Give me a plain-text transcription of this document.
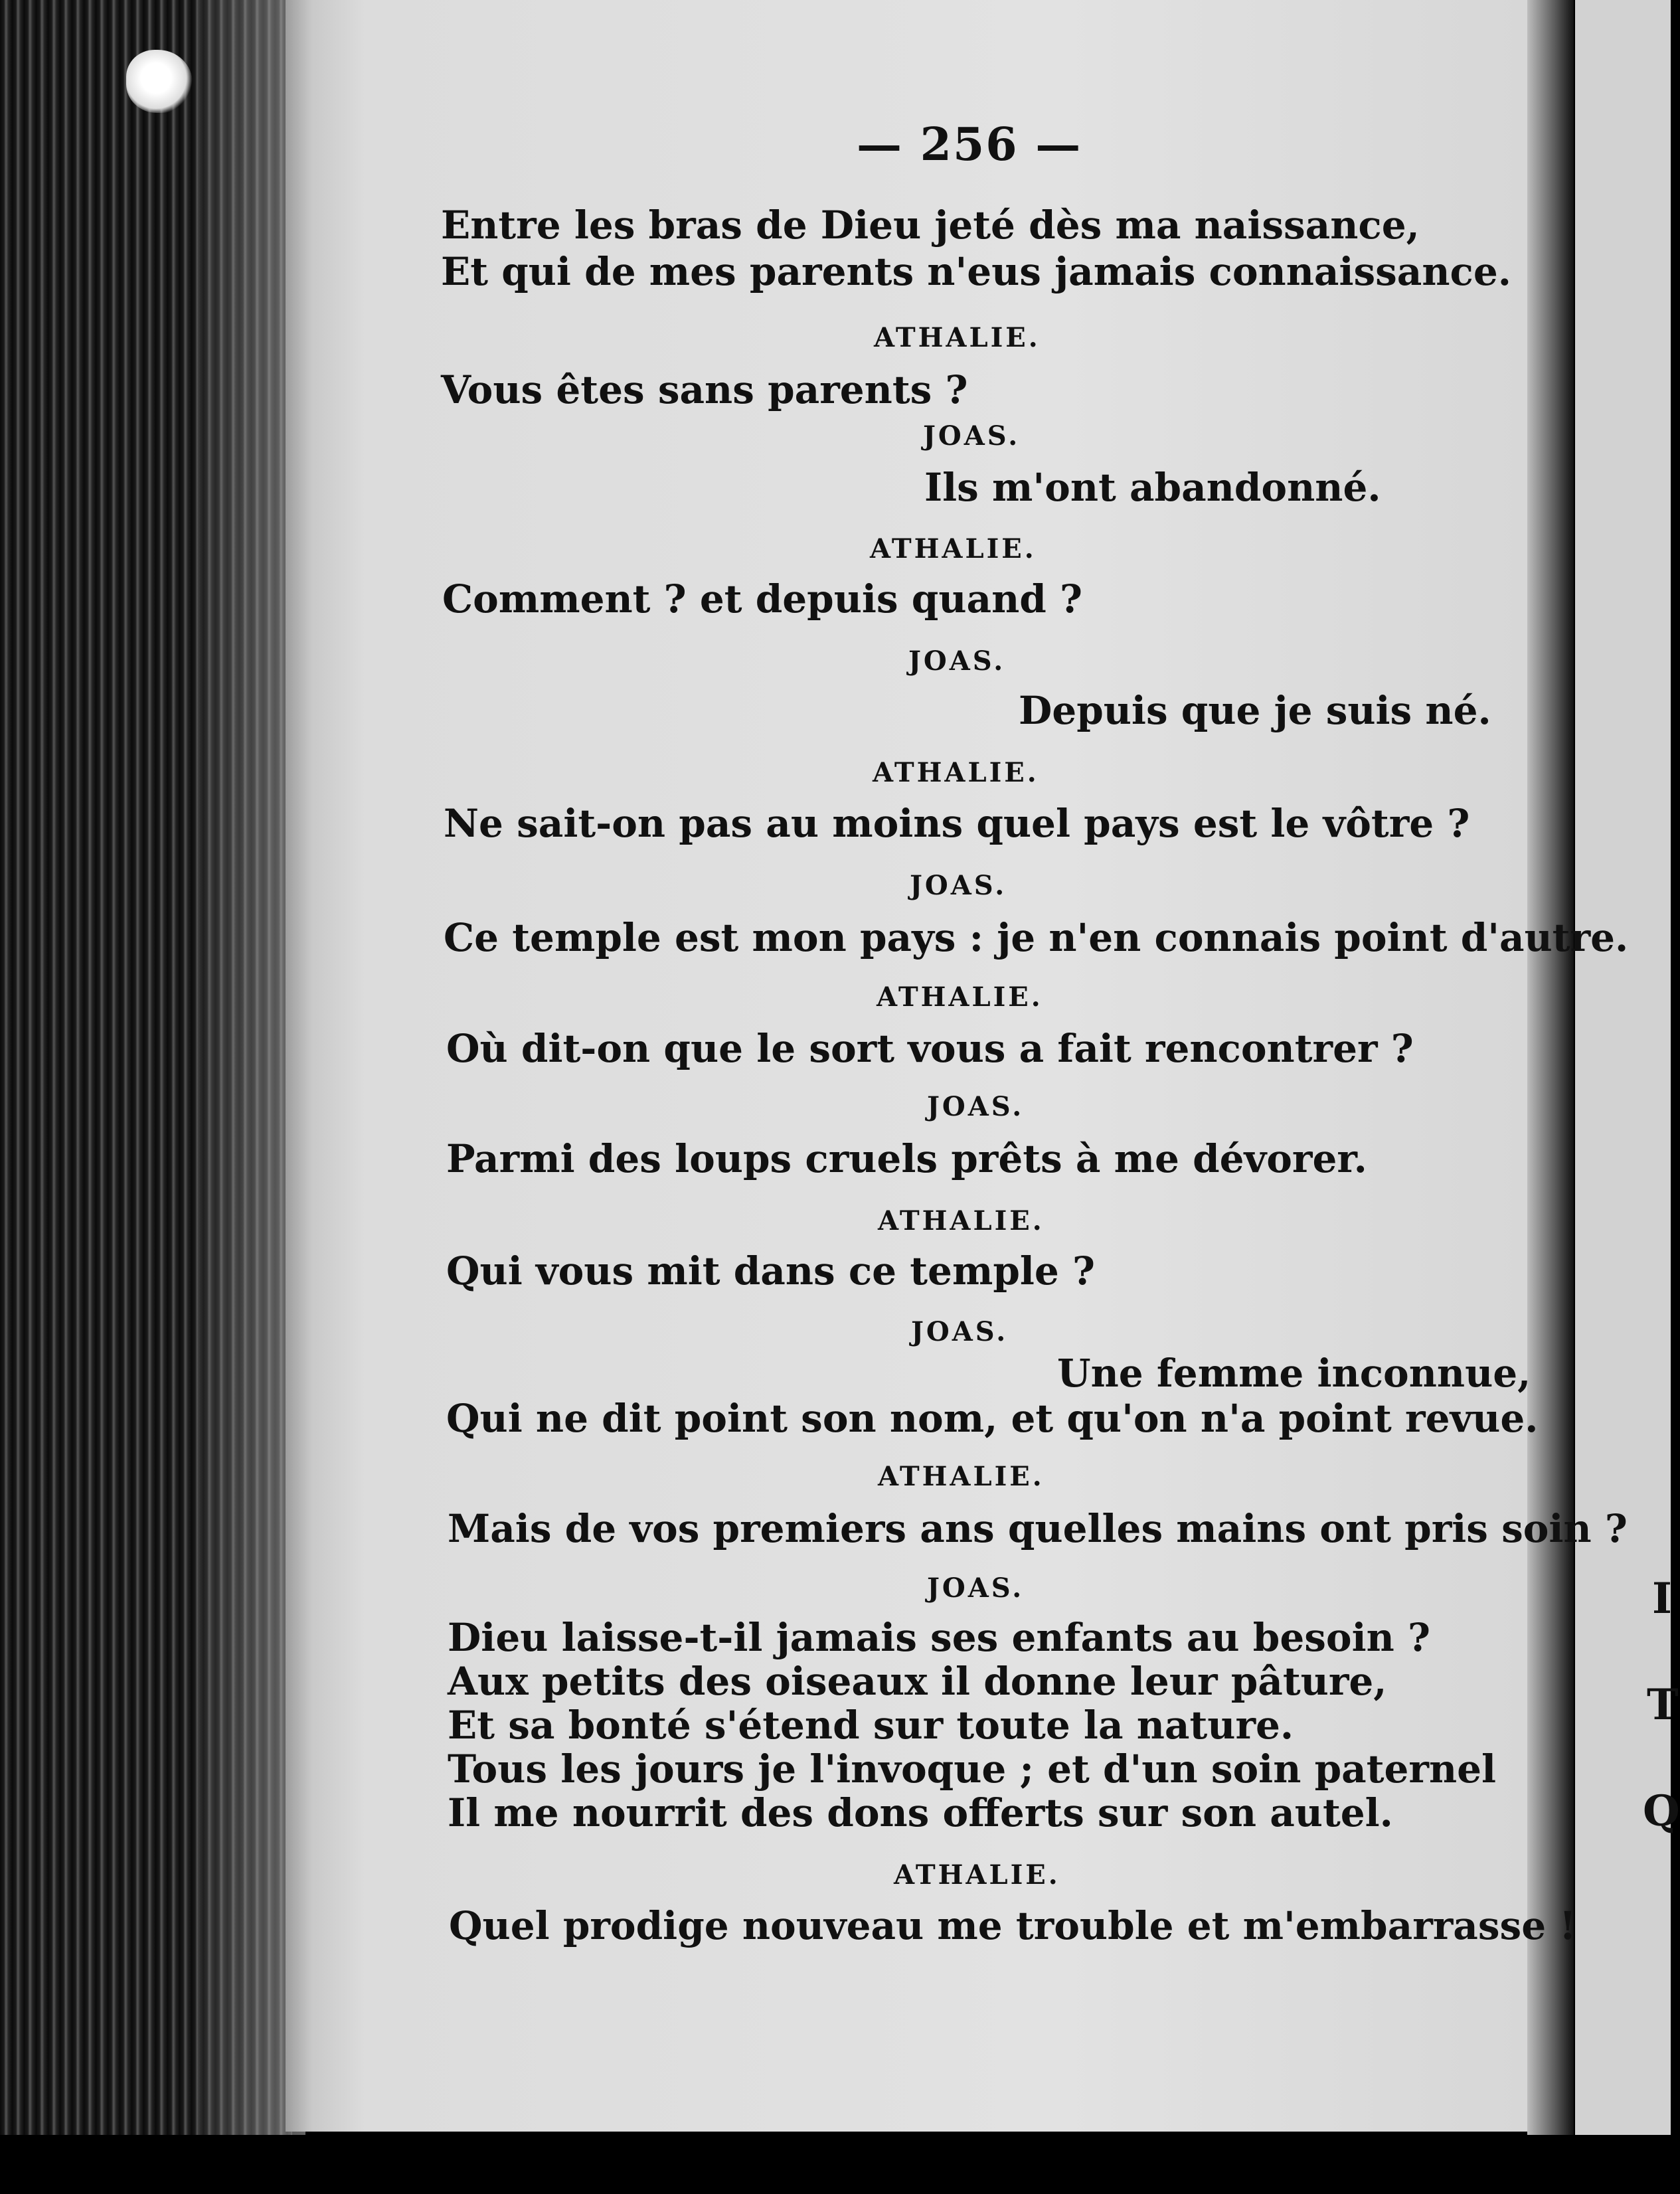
— 256 —

Entre les bras de Dieu jeté dès ma naissance,

Et qui de mes parents n'eus jamais connaissance.

ATHALIE.

Vous êtes sans parents ?

JOAS.

Ils m'ont abandonné.

ATHALIE.

Comment ? et depuis quand ?

JOAS.

Depuis que je suis né.

ATHALIE.

Ne sait-on pas au moins quel pays est le vôtre ?

JOAS.

Ce temple est mon pays : je n'en connais point d'autre.

ATHALIE.

Où dit-on que le sort vous a fait rencontrer ?

JOAS.

Parmi des loups cruels prêts à me dévorer.

ATHALIE.

Qui vous mit dans ce temple ?

JOAS.

Une femme inconnue,

Qui ne dit point son nom, et qu'on n'a point revue.

ATHALIE.

Mais de vos premiers ans quelles mains ont pris soin ?

JOAS.

Dieu laisse-t-il jamais ses enfants au besoin ?

Aux petits des oiseaux il donne leur pâture,

Et sa bonté s'étend sur toute la nature.

Tous les jours je l'invoque ; et d'un soin paternel

Il me nourrit des dons offerts sur son autel.

ATHALIE.

Quel prodige nouveau me trouble et m'embarrasse !

I
T
Q
